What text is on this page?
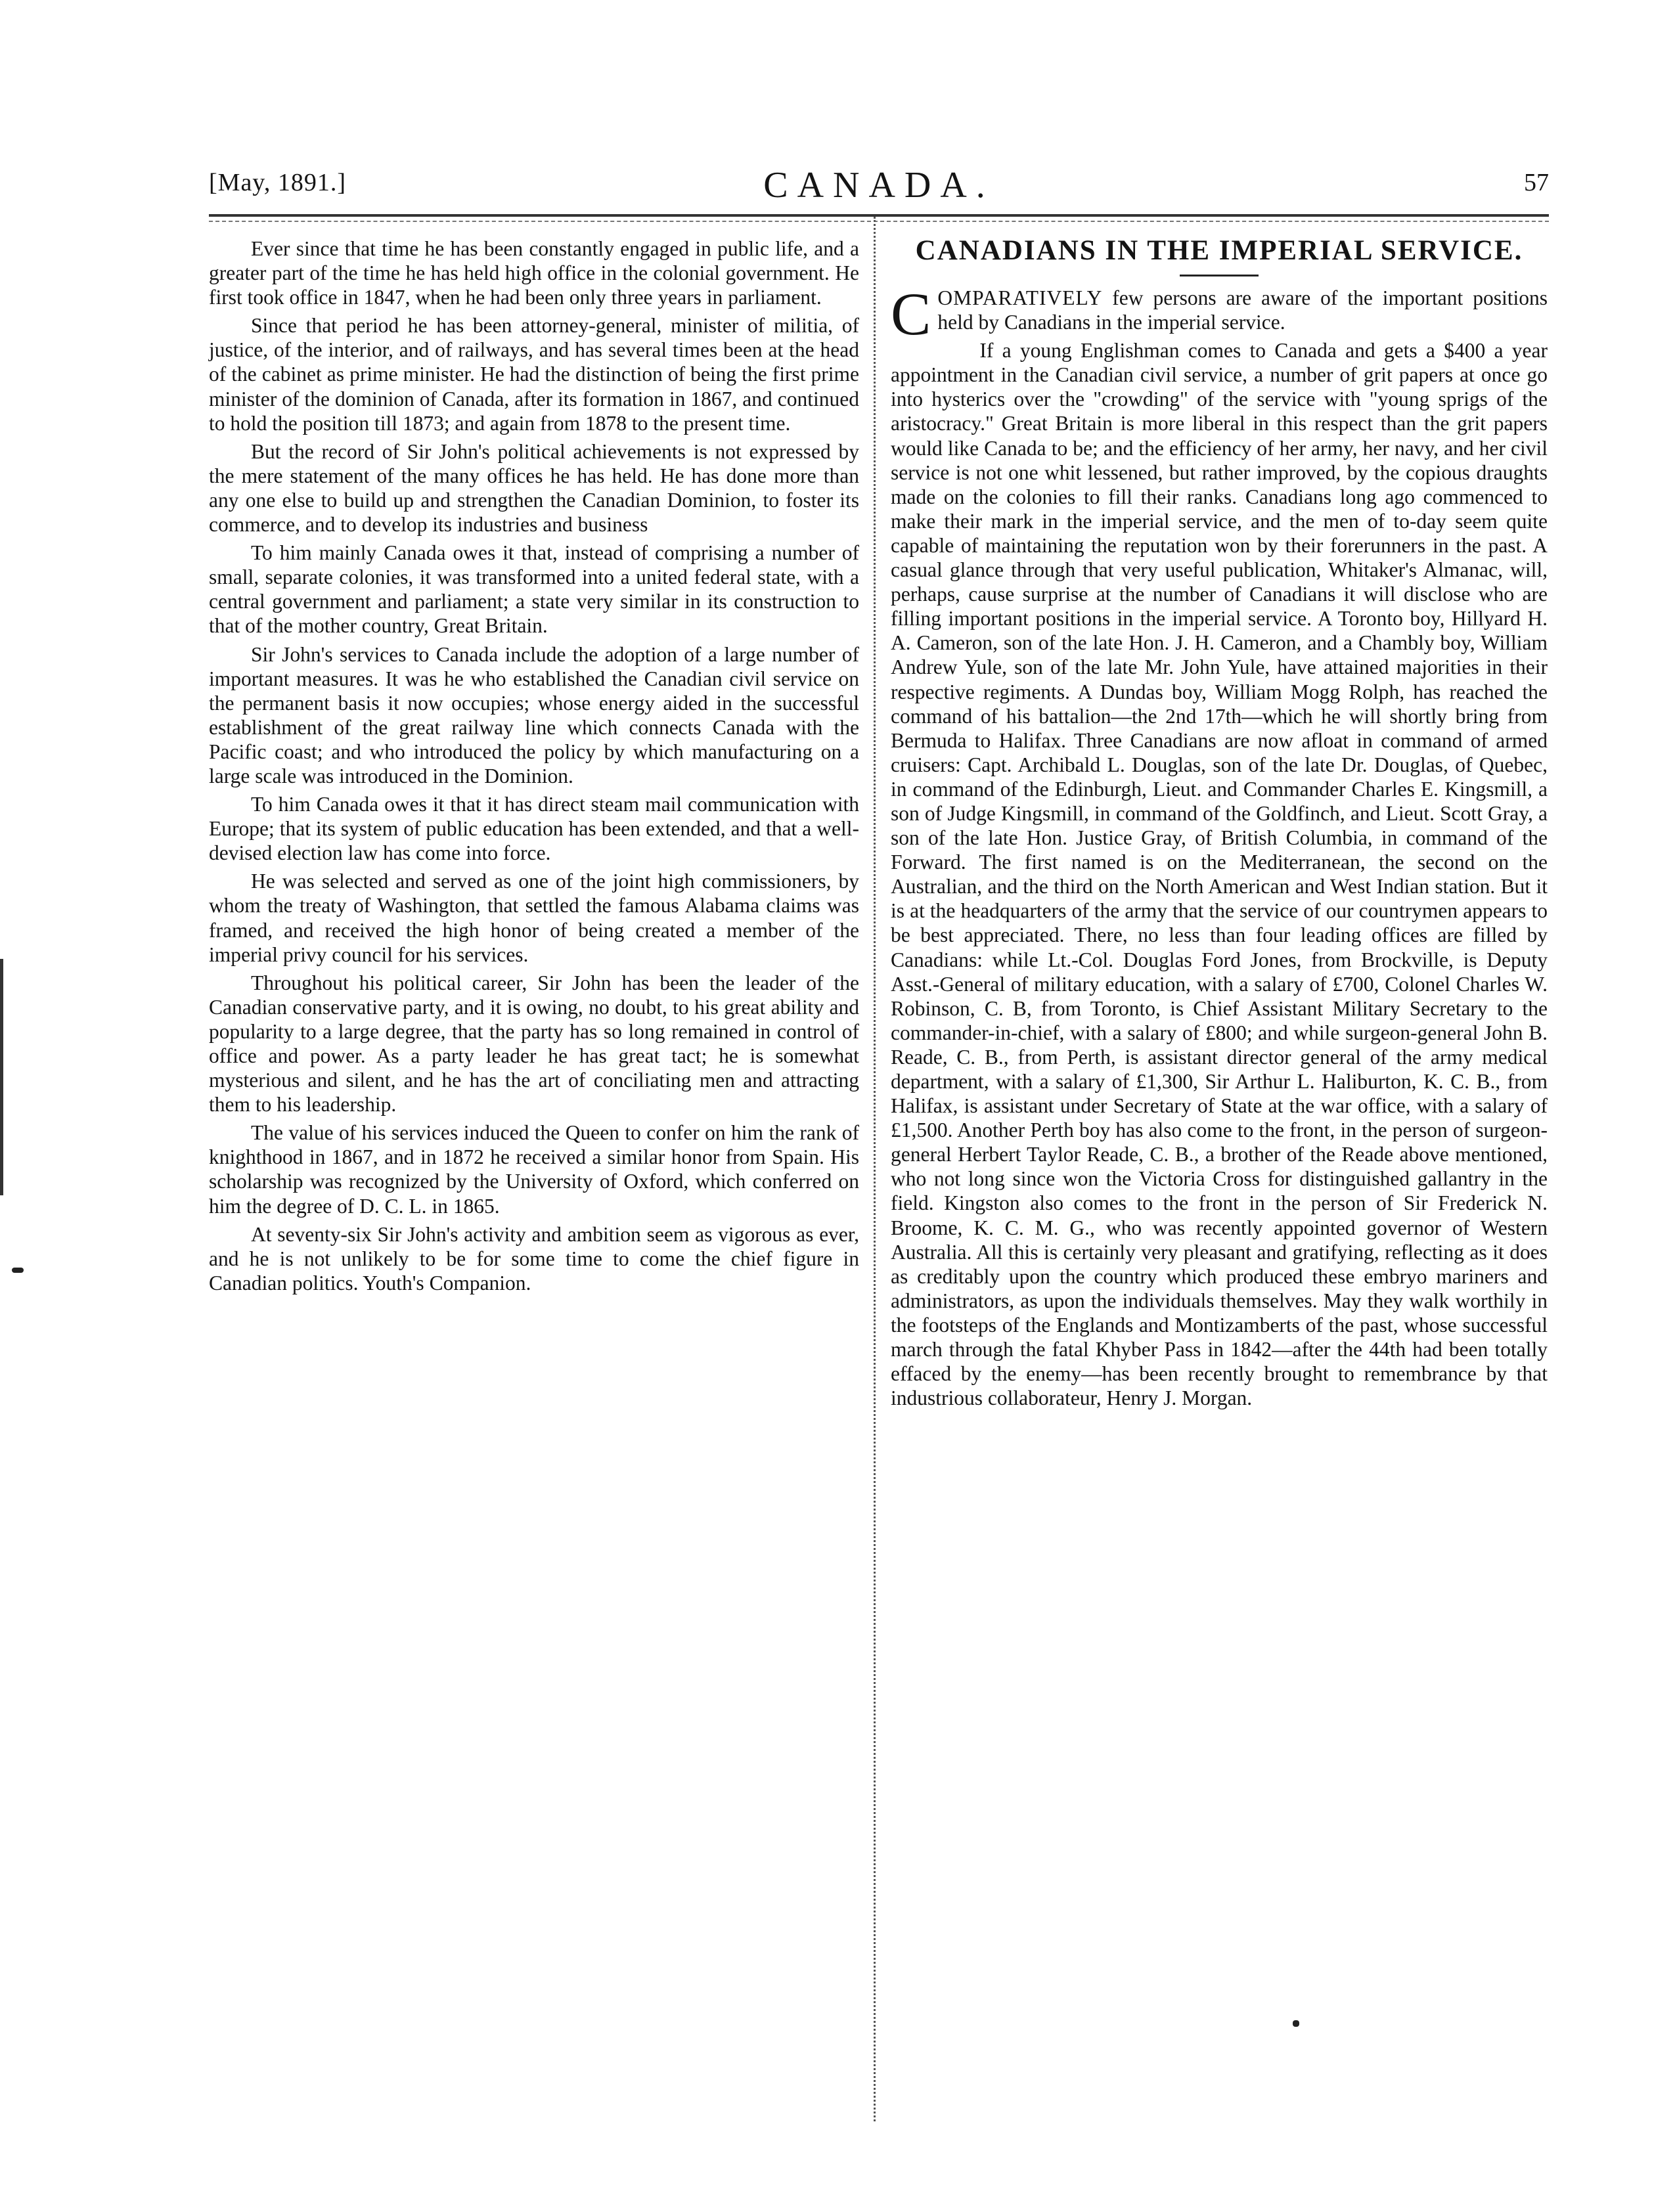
[May, 1891.]	CANADA.	57

Ever since that time he has been constantly engaged in public life, and a greater part of the time he has held high office in the colonial government. He first took office in 1847, when he had been only three years in parliament.

Since that period he has been attorney-general, minister of militia, of justice, of the interior, and of railways, and has several times been at the head of the cabinet as prime minister. He had the distinction of being the first prime minister of the dominion of Canada, after its formation in 1867, and continued to hold the position till 1873; and again from 1878 to the present time.

But the record of Sir John's political achievements is not expressed by the mere statement of the many offices he has held. He has done more than any one else to build up and strengthen the Canadian Dominion, to foster its commerce, and to develop its industries and business

To him mainly Canada owes it that, instead of comprising a number of small, separate colonies, it was transformed into a united federal state, with a central government and parliament; a state very similar in its construction to that of the mother country, Great Britain.

Sir John's services to Canada include the adoption of a large number of important measures. It was he who established the Canadian civil service on the permanent basis it now occupies; whose energy aided in the successful establishment of the great railway line which connects Canada with the Pacific coast; and who introduced the policy by which manufacturing on a large scale was introduced in the Dominion.

To him Canada owes it that it has direct steam mail communication with Europe; that its system of public education has been extended, and that a well-devised election law has come into force.

He was selected and served as one of the joint high commissioners, by whom the treaty of Washington, that settled the famous Alabama claims was framed, and received the high honor of being created a member of the imperial privy council for his services.

Throughout his political career, Sir John has been the leader of the Canadian conservative party, and it is owing, no doubt, to his great ability and popularity to a large degree, that the party has so long remained in control of office and power. As a party leader he has great tact; he is somewhat mysterious and silent, and he has the art of conciliating men and attracting them to his leadership.

The value of his services induced the Queen to confer on him the rank of knighthood in 1867, and in 1872 he received a similar honor from Spain. His scholarship was recognized by the University of Oxford, which conferred on him the degree of D. C. L. in 1865.

At seventy-six Sir John's activity and ambition seem as vigorous as ever, and he is not unlikely to be for some time to come the chief figure in Canadian politics. Youth's Companion.

CANADIANS IN THE IMPERIAL SERVICE.

COMPARATIVELY few persons are aware of the important positions held by Canadians in the imperial service.

If a young Englishman comes to Canada and gets a $400 a year appointment in the Canadian civil service, a number of grit papers at once go into hysterics over the "crowding" of the service with "young sprigs of the aristocracy." Great Britain is more liberal in this respect than the grit papers would like Canada to be; and the efficiency of her army, her navy, and her civil service is not one whit lessened, but rather improved, by the copious draughts made on the colonies to fill their ranks. Canadians long ago commenced to make their mark in the imperial service, and the men of to-day seem quite capable of maintaining the reputation won by their forerunners in the past. A casual glance through that very useful publication, Whitaker's Almanac, will, perhaps, cause surprise at the number of Canadians it will disclose who are filling important positions in the imperial service. A Toronto boy, Hillyard H. A. Cameron, son of the late Hon. J. H. Cameron, and a Chambly boy, William Andrew Yule, son of the late Mr. John Yule, have attained majorities in their respective regiments. A Dundas boy, William Mogg Rolph, has reached the command of his battalion—the 2nd 17th—which he will shortly bring from Bermuda to Halifax. Three Canadians are now afloat in command of armed cruisers: Capt. Archibald L. Douglas, son of the late Dr. Douglas, of Quebec, in command of the Edinburgh, Lieut. and Commander Charles E. Kingsmill, a son of Judge Kingsmill, in command of the Goldfinch, and Lieut. Scott Gray, a son of the late Hon. Justice Gray, of British Columbia, in command of the Forward. The first named is on the Mediterranean, the second on the Australian, and the third on the North American and West Indian station. But it is at the headquarters of the army that the service of our countrymen appears to be best appreciated. There, no less than four leading offices are filled by Canadians: while Lt.-Col. Douglas Ford Jones, from Brockville, is Deputy Asst.-General of military education, with a salary of £700, Colonel Charles W. Robinson, C. B, from Toronto, is Chief Assistant Military Secretary to the commander-in-chief, with a salary of £800; and while surgeon-general John B. Reade, C. B., from Perth, is assistant director general of the army medical department, with a salary of £1,300, Sir Arthur L. Haliburton, K. C. B., from Halifax, is assistant under Secretary of State at the war office, with a salary of £1,500. Another Perth boy has also come to the front, in the person of surgeon-general Herbert Taylor Reade, C. B., a brother of the Reade above mentioned, who not long since won the Victoria Cross for distinguished gallantry in the field. Kingston also comes to the front in the person of Sir Frederick N. Broome, K. C. M. G., who was recently appointed governor of Western Australia. All this is certainly very pleasant and gratifying, reflecting as it does as creditably upon the country which produced these embryo mariners and administrators, as upon the individuals themselves. May they walk worthily in the footsteps of the Englands and Montizamberts of the past, whose successful march through the fatal Khyber Pass in 1842—after the 44th had been totally effaced by the enemy—has been recently brought to remembrance by that industrious collaborateur, Henry J. Morgan.
